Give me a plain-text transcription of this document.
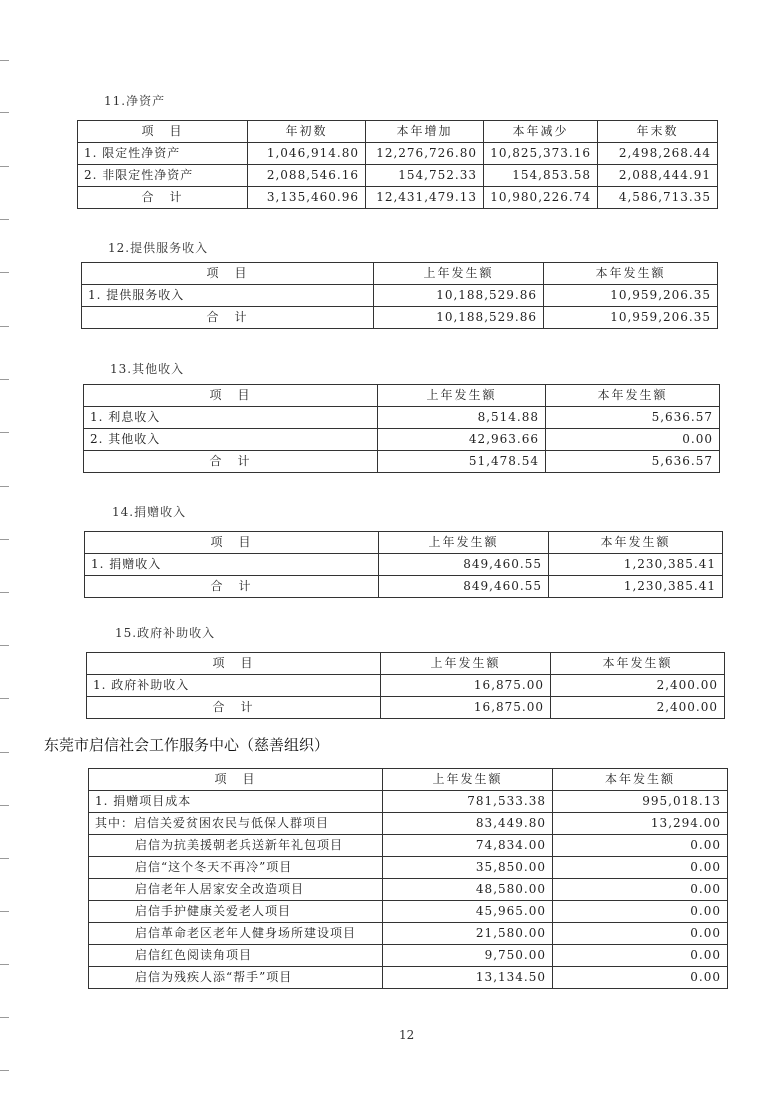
11.净资产
项　目	年初数	本年增加	本年减少	年末数
1. 限定性净资产	1,046,914.80	12,276,726.80	10,825,373.16	2,498,268.44
2. 非限定性净资产	2,088,546.16	154,752.33	154,853.58	2,088,444.91
合　计	3,135,460.96	12,431,479.13	10,980,226.74	4,586,713.35
12.提供服务收入
项　目	上年发生额	本年发生额
1. 提供服务收入	10,188,529.86	10,959,206.35
合　计	10,188,529.86	10,959,206.35
13.其他收入
项　目	上年发生额	本年发生额
1. 利息收入	8,514.88	5,636.57
2. 其他收入	42,963.66	0.00
合　计	51,478.54	5,636.57
14.捐赠收入
项　目	上年发生额	本年发生额
1. 捐赠收入	849,460.55	1,230,385.41
合　计	849,460.55	1,230,385.41
15.政府补助收入
项　目	上年发生额	本年发生额
1. 政府补助收入	16,875.00	2,400.00
合　计	16,875.00	2,400.00
东莞市启信社会工作服务中心（慈善组织）
项　目	上年发生额	本年发生额
1. 捐赠项目成本	781,533.38	995,018.13
其中：启信关爱贫困农民与低保人群项目	83,449.80	13,294.00
启信为抗美援朝老兵送新年礼包项目	74,834.00	0.00
启信“这个冬天不再冷”项目	35,850.00	0.00
启信老年人居家安全改造项目	48,580.00	0.00
启信手护健康关爱老人项目	45,965.00	0.00
启信革命老区老年人健身场所建设项目	21,580.00	0.00
启信红色阅读角项目	9,750.00	0.00
启信为残疾人添“帮手”项目	13,134.50	0.00
12
